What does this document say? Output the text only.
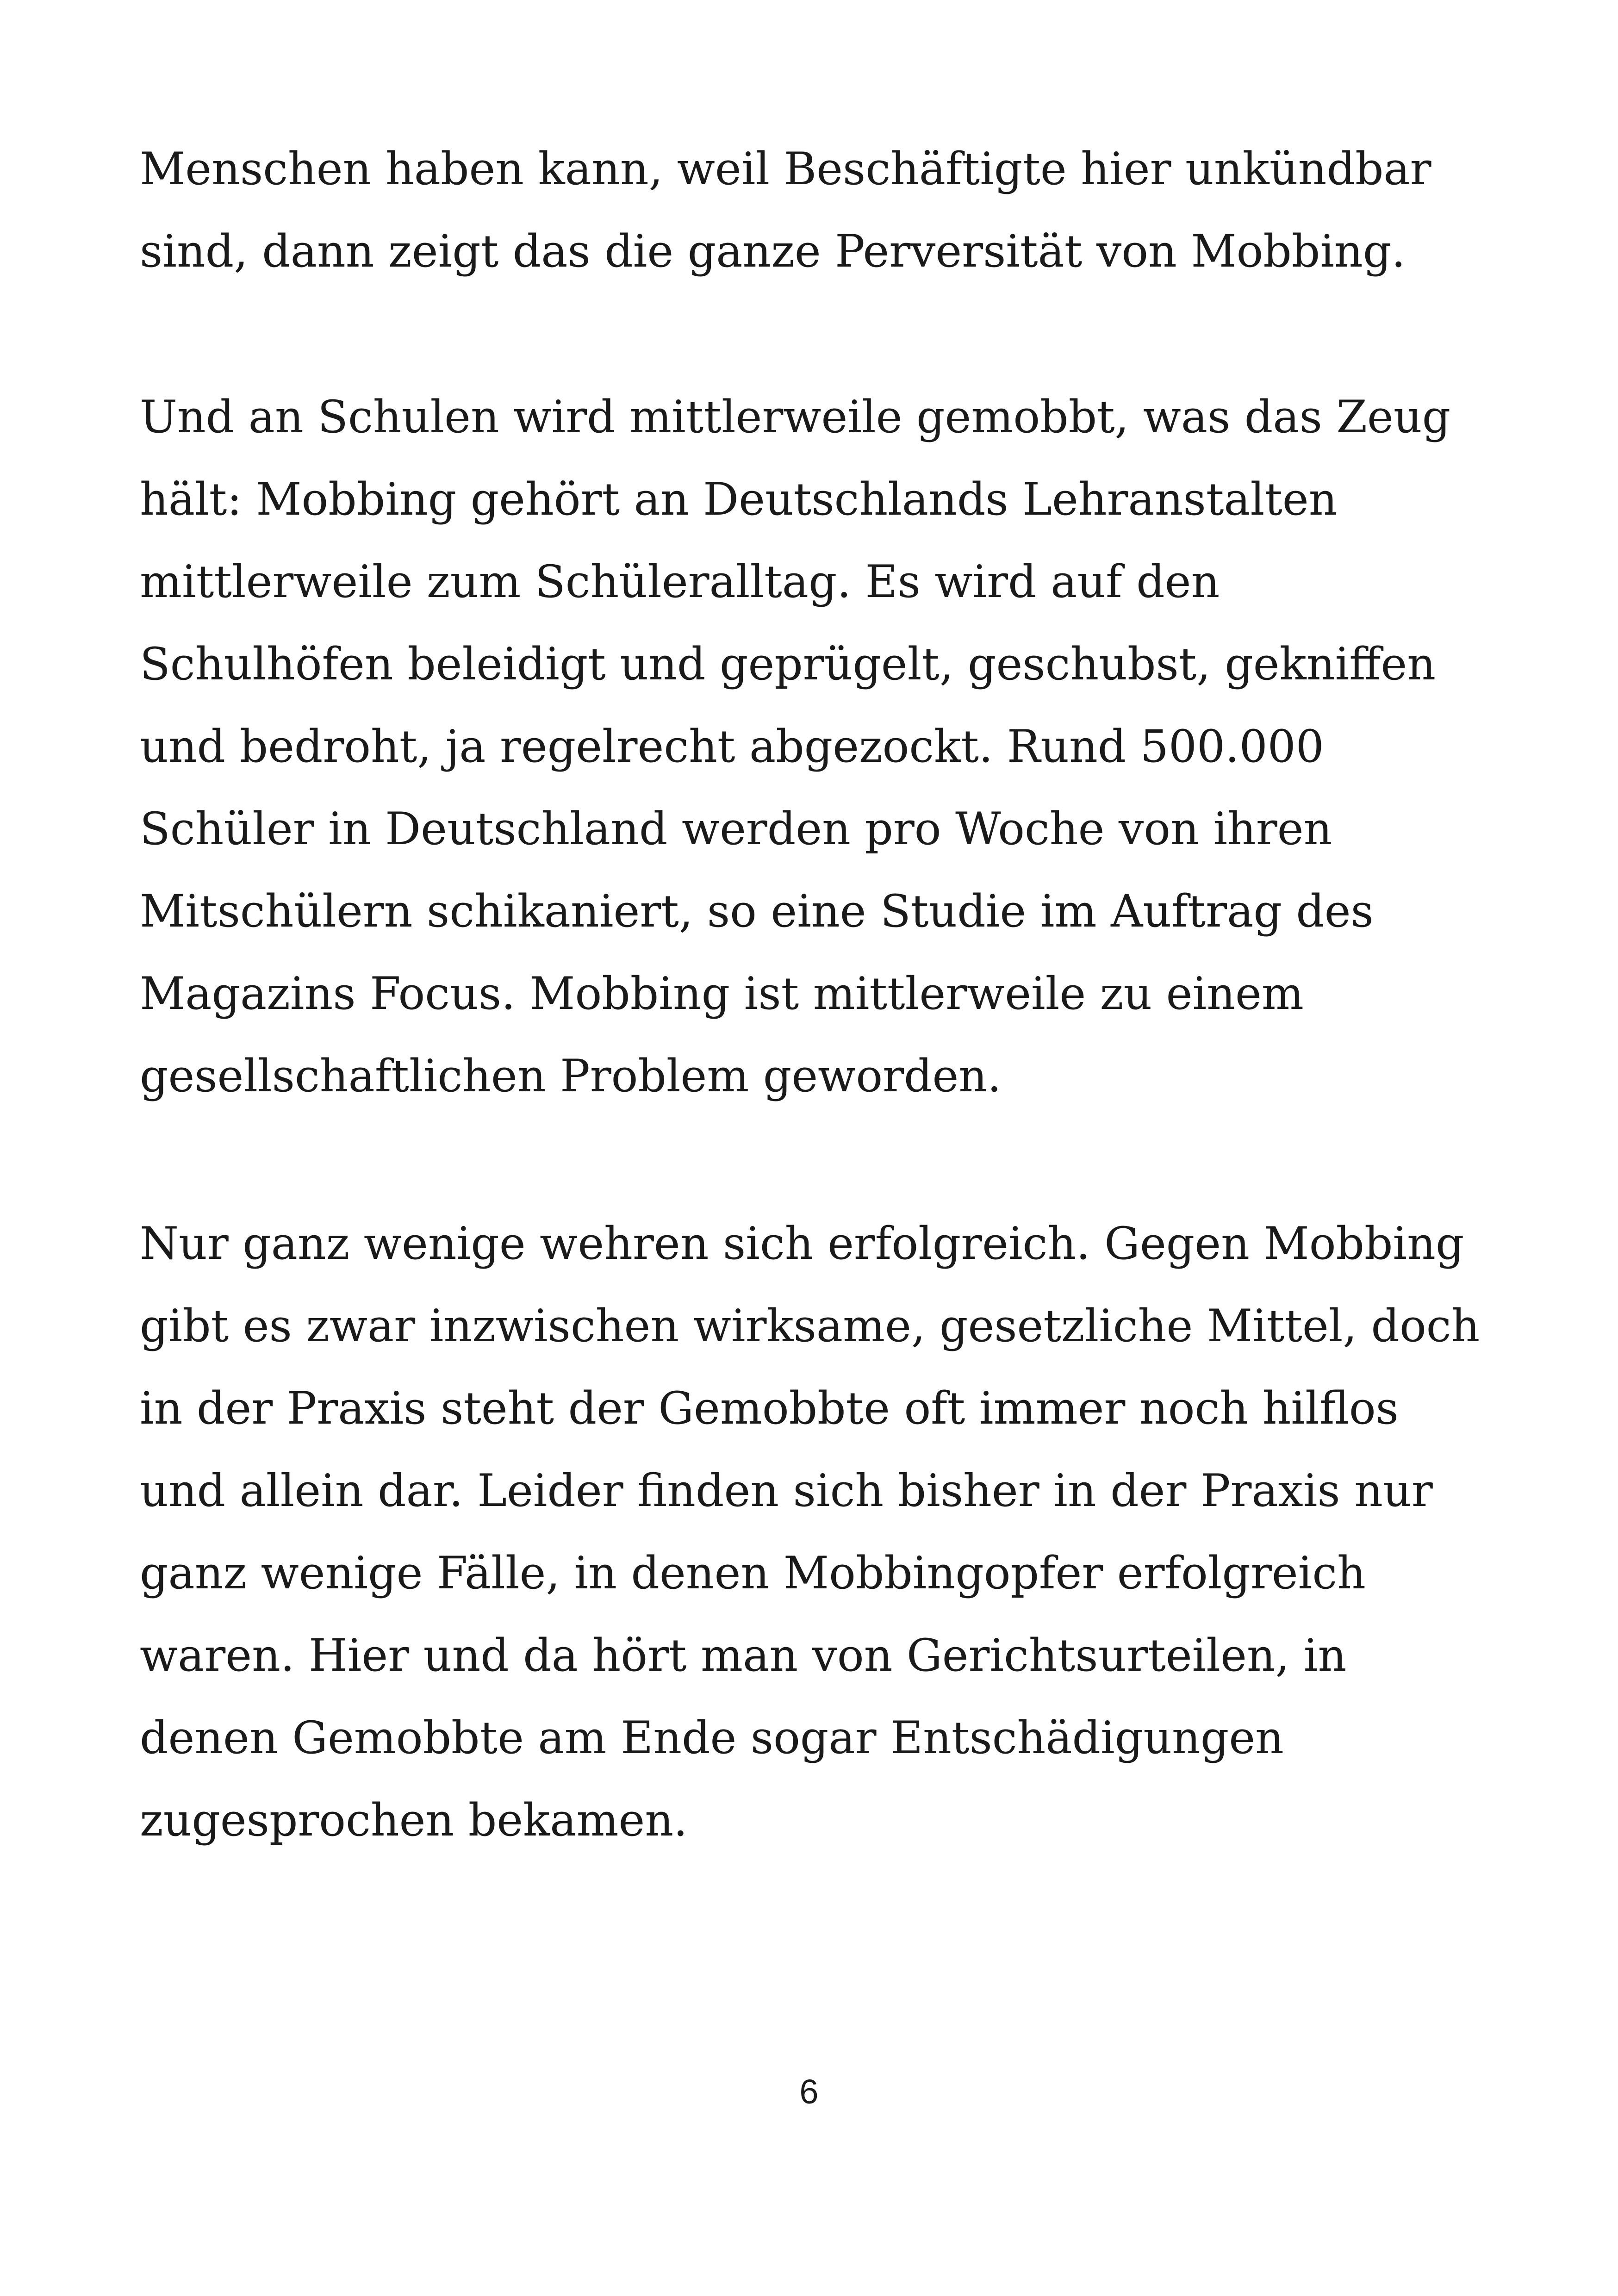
Menschen haben kann, weil Beschäftigte hier unkündbar
sind, dann zeigt das die ganze Perversität von Mobbing.

Und an Schulen wird mittlerweile gemobbt, was das Zeug
hält: Mobbing gehört an Deutschlands Lehranstalten
mittlerweile zum Schüleralltag. Es wird auf den
Schulhöfen beleidigt und geprügelt, geschubst, gekniffen
und bedroht, ja regelrecht abgezockt. Rund 500.000
Schüler in Deutschland werden pro Woche von ihren
Mitschülern schikaniert, so eine Studie im Auftrag des
Magazins Focus. Mobbing ist mittlerweile zu einem
gesellschaftlichen Problem geworden.

Nur ganz wenige wehren sich erfolgreich. Gegen Mobbing
gibt es zwar inzwischen wirksame, gesetzliche Mittel, doch
in der Praxis steht der Gemobbte oft immer noch hilflos
und allein dar. Leider finden sich bisher in der Praxis nur
ganz wenige Fälle, in denen Mobbingopfer erfolgreich
waren. Hier und da hört man von Gerichtsurteilen, in
denen Gemobbte am Ende sogar Entschädigungen
zugesprochen bekamen.

6
